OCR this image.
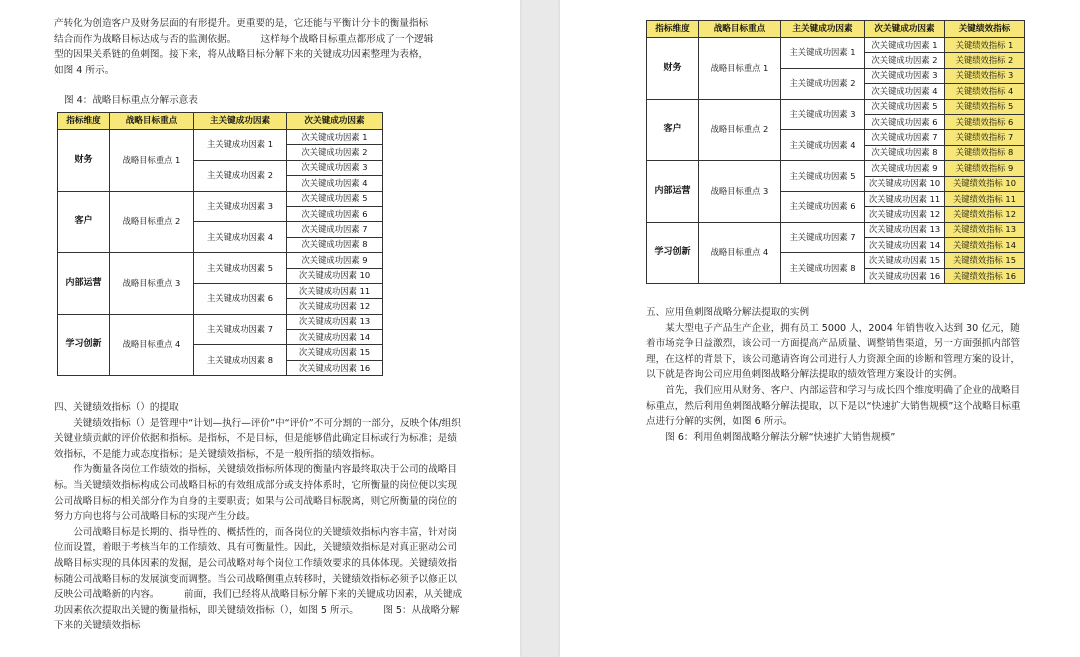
产转化为创造客户及财务层面的有形提升。更重要的是，它还能与平衡计分卡的衡量指标
结合而作为战略目标达成与否的监测依据。        这样每个战略目标重点都形成了一个逻辑
型的因果关系链的鱼刺图。接下来，将从战略目标分解下来的关键成功因素整理为表格，
如图 4 所示。
图 4：战略目标重点分解示意表
指标维度	战略目标重点	主关键成功因素	次关键成功因素
财务	战略目标重点 1	主关键成功因素 1	次关键成功因素 1
			次关键成功因素 2
		主关键成功因素 2	次关键成功因素 3
			次关键成功因素 4
客户	战略目标重点 2	主关键成功因素 3	次关键成功因素 5
			次关键成功因素 6
		主关键成功因素 4	次关键成功因素 7
			次关键成功因素 8
内部运营	战略目标重点 3	主关键成功因素 5	次关键成功因素 9
			次关键成功因素 10
		主关键成功因素 6	次关键成功因素 11
			次关键成功因素 12
学习创新	战略目标重点 4	主关键成功因素 7	次关键成功因素 13
			次关键成功因素 14
		主关键成功因素 8	次关键成功因素 15
			次关键成功因素 16
四、关键绩效指标（）的提取

关键绩效指标（）是管理中“计划—执行—评价”中“评价”不可分割的一部分，反映个体/组织关键业绩贡献的评价依据和指标。是指标，不是目标，但是能够借此确定目标或行为标准；是绩效指标，不是能力或态度指标；是关键绩效指标，不是一般所指的绩效指标。

作为衡量各岗位工作绩效的指标，关键绩效指标所体现的衡量内容最终取决于公司的战略目标。当关键绩效指标构成公司战略目标的有效组成部分或支持体系时，它所衡量的岗位便以实现公司战略目标的相关部分作为自身的主要职责；如果与公司战略目标脱离，则它所衡量的岗位的努力方向也将与公司战略目标的实现产生分歧。

公司战略目标是长期的、指导性的、概括性的，而各岗位的关键绩效指标内容丰富，针对岗位而设置，着眼于考核当年的工作绩效、具有可衡量性。因此，关键绩效指标是对真正驱动公司战略目标实现的具体因素的发掘，是公司战略对每个岗位工作绩效要求的具体体现。关键绩效指标随公司战略目标的发展演变而调整。当公司战略侧重点转移时，关键绩效指标必须予以修正以反映公司战略新的内容。        前面，我们已经将从战略目标分解下来的关键成功因素，从关键成功因素依次提取出关键的衡量指标，即关键绩效指标（），如图 5 所示。        图 5：从战略分解下来的关键绩效指标

指标维度	战略目标重点	主关键成功因素	次关键成功因素	关键绩效指标
财务	战略目标重点 1	主关键成功因素 1	次关键成功因素 1	关键绩效指标 1
			次关键成功因素 2	关键绩效指标 2
		主关键成功因素 2	次关键成功因素 3	关键绩效指标 3
			次关键成功因素 4	关键绩效指标 4
客户	战略目标重点 2	主关键成功因素 3	次关键成功因素 5	关键绩效指标 5
			次关键成功因素 6	关键绩效指标 6
		主关键成功因素 4	次关键成功因素 7	关键绩效指标 7
			次关键成功因素 8	关键绩效指标 8
内部运营	战略目标重点 3	主关键成功因素 5	次关键成功因素 9	关键绩效指标 9
			次关键成功因素 10	关键绩效指标 10
		主关键成功因素 6	次关键成功因素 11	关键绩效指标 11
			次关键成功因素 12	关键绩效指标 12
学习创新	战略目标重点 4	主关键成功因素 7	次关键成功因素 13	关键绩效指标 13
			次关键成功因素 14	关键绩效指标 14
		主关键成功因素 8	次关键成功因素 15	关键绩效指标 15
			次关键成功因素 16	关键绩效指标 16
五、应用鱼刺图战略分解法提取的实例

某大型电子产品生产企业，拥有员工 5000 人，2004 年销售收入达到 30 亿元，随着市场竞争日益激烈，该公司一方面提高产品质量、调整销售渠道，另一方面强抓内部管理，在这样的背景下，该公司邀请咨询公司进行人力资源全面的诊断和管理方案的设计，以下就是咨询公司应用鱼刺图战略分解法提取的绩效管理方案设计的实例。

首先，我们应用从财务、客户、内部运营和学习与成长四个维度明确了企业的战略目标重点，然后利用鱼刺图战略分解法提取，以下是以“快速扩大销售规模”这个战略目标重点进行分解的实例，如图 6 所示。

图 6：利用鱼刺图战略分解法分解“快速扩大销售规模”
